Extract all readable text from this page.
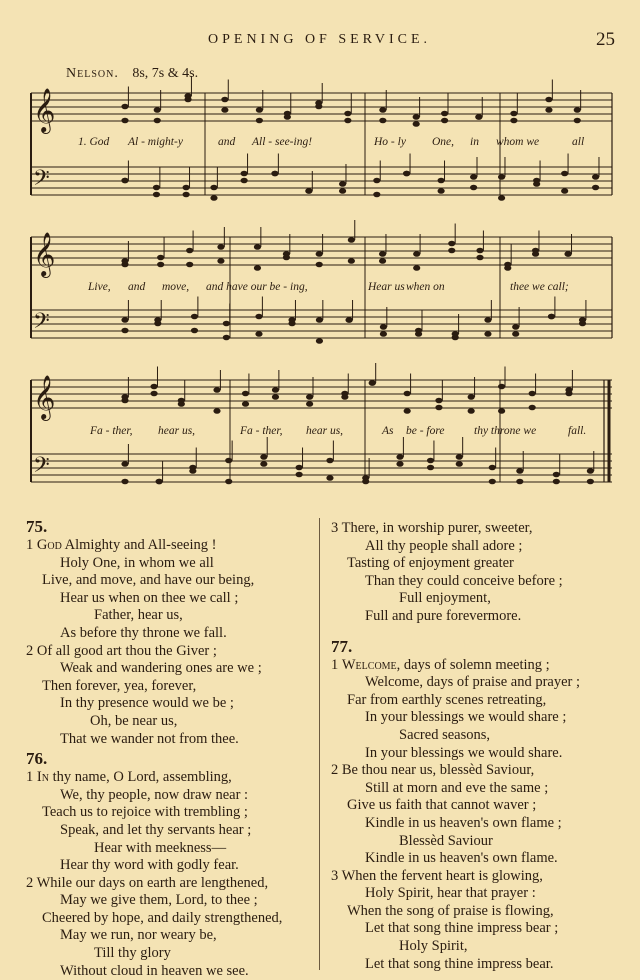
OPENING OF SERVICE.	25
Nelson. 8s, 7s & 4s.
𝄞
𝄢
𝄞
𝄢
𝄞
𝄢
1. God Al - might-y	and All - see-ing!	Ho - ly One, in whom we	all
Live, and move, and have our be - ing,	Hear us when on	thee we call;
Fa - ther, hear us,	Fa - ther, hear us,	As be - fore	thy throne we	fall.
75.
1 God Almighty and All-seeing !
Holy One, in whom we all
Live, and move, and have our being,
Hear us when on thee we call ;
Father, hear us,
As before thy throne we fall.
2 Of all good art thou the Giver ;
Weak and wandering ones are we ;
Then forever, yea, forever,
In thy presence would we be ;
Oh, be near us,
That we wander not from thee.
76.
1 In thy name, O Lord, assembling,
We, thy people, now draw near :
Teach us to rejoice with trembling ;
Speak, and let thy servants hear ;
Hear with meekness—
Hear thy word with godly fear.
2 While our days on earth are lengthened,
May we give them, Lord, to thee ;
Cheered by hope, and daily strengthened,
May we run, nor weary be,
Till thy glory
Without cloud in heaven we see.
3 There, in worship purer, sweeter,
All thy people shall adore ;
Tasting of enjoyment greater
Than they could conceive before ;
Full enjoyment,
Full and pure forevermore.
77.
1 Welcome, days of solemn meeting ;
Welcome, days of praise and prayer ;
Far from earthly scenes retreating,
In your blessings we would share ;
Sacred seasons,
In your blessings we would share.
2 Be thou near us, blessèd Saviour,
Still at morn and eve the same ;
Give us faith that cannot waver ;
Kindle in us heaven's own flame ;
Blessèd Saviour
Kindle in us heaven's own flame.
3 When the fervent heart is glowing,
Holy Spirit, hear that prayer :
When the song of praise is flowing,
Let that song thine impress bear ;
Holy Spirit,
Let that song thine impress bear.
